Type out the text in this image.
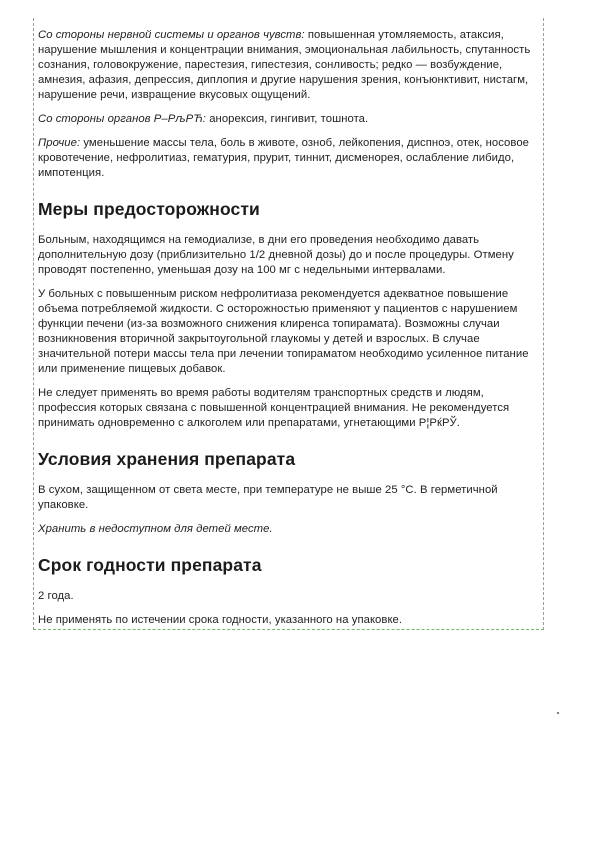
Со стороны нервной системы и органов чувств: повышенная утомляемость, атаксия, нарушение мышления и концентрации внимания, эмоциональная лабильность, спутанность сознания, головокружение, парестезия, гипестезия, сонливость; редко — возбуждение, амнезия, афазия, депрессия, диплопия и другие нарушения зрения, конъюнктивит, нистагм, нарушение речи, извращение вкусовых ощущений.

Со стороны органов Р–РљРЋ: анорексия, гингивит, тошнота.

Прочие: уменьшение массы тела, боль в животе, озноб, лейкопения, диспноэ, отек, носовое кровотечение, нефролитиаз, гематурия, прурит, тиннит, дисменорея, ослабление либидо, импотенция.

Меры предосторожности

Больным, находящимся на гемодиализе, в дни его проведения необходимо давать дополнительную дозу (приблизительно 1/2 дневной дозы) до и после процедуры. Отмену проводят постепенно, уменьшая дозу на 100 мг с недельными интервалами.

У больных с повышенным риском нефролитиаза рекомендуется адекватное повышение объема потребляемой жидкости. С осторожностью применяют у пациентов с нарушением функции печени (из-за возможного снижения клиренса топирамата). Возможны случаи возникновения вторичной закрытоугольной глаукомы у детей и взрослых. В случае значительной потери массы тела при лечении топираматом необходимо усиленное питание или применение пищевых добавок.

Не следует применять во время работы водителям транспортных средств и людям, профессия которых связана с повышенной концентрацией внимания. Не рекомендуется принимать одновременно с алкоголем или препаратами, угнетающими Р¦РќРЎ.

Условия хранения препарата

В сухом, защищенном от света месте, при температуре не выше 25 °C. В герметичной упаковке.

Хранить в недоступном для детей месте.

Срок годности препарата

2 года.

Не применять по истечении срока годности, указанного на упаковке.
